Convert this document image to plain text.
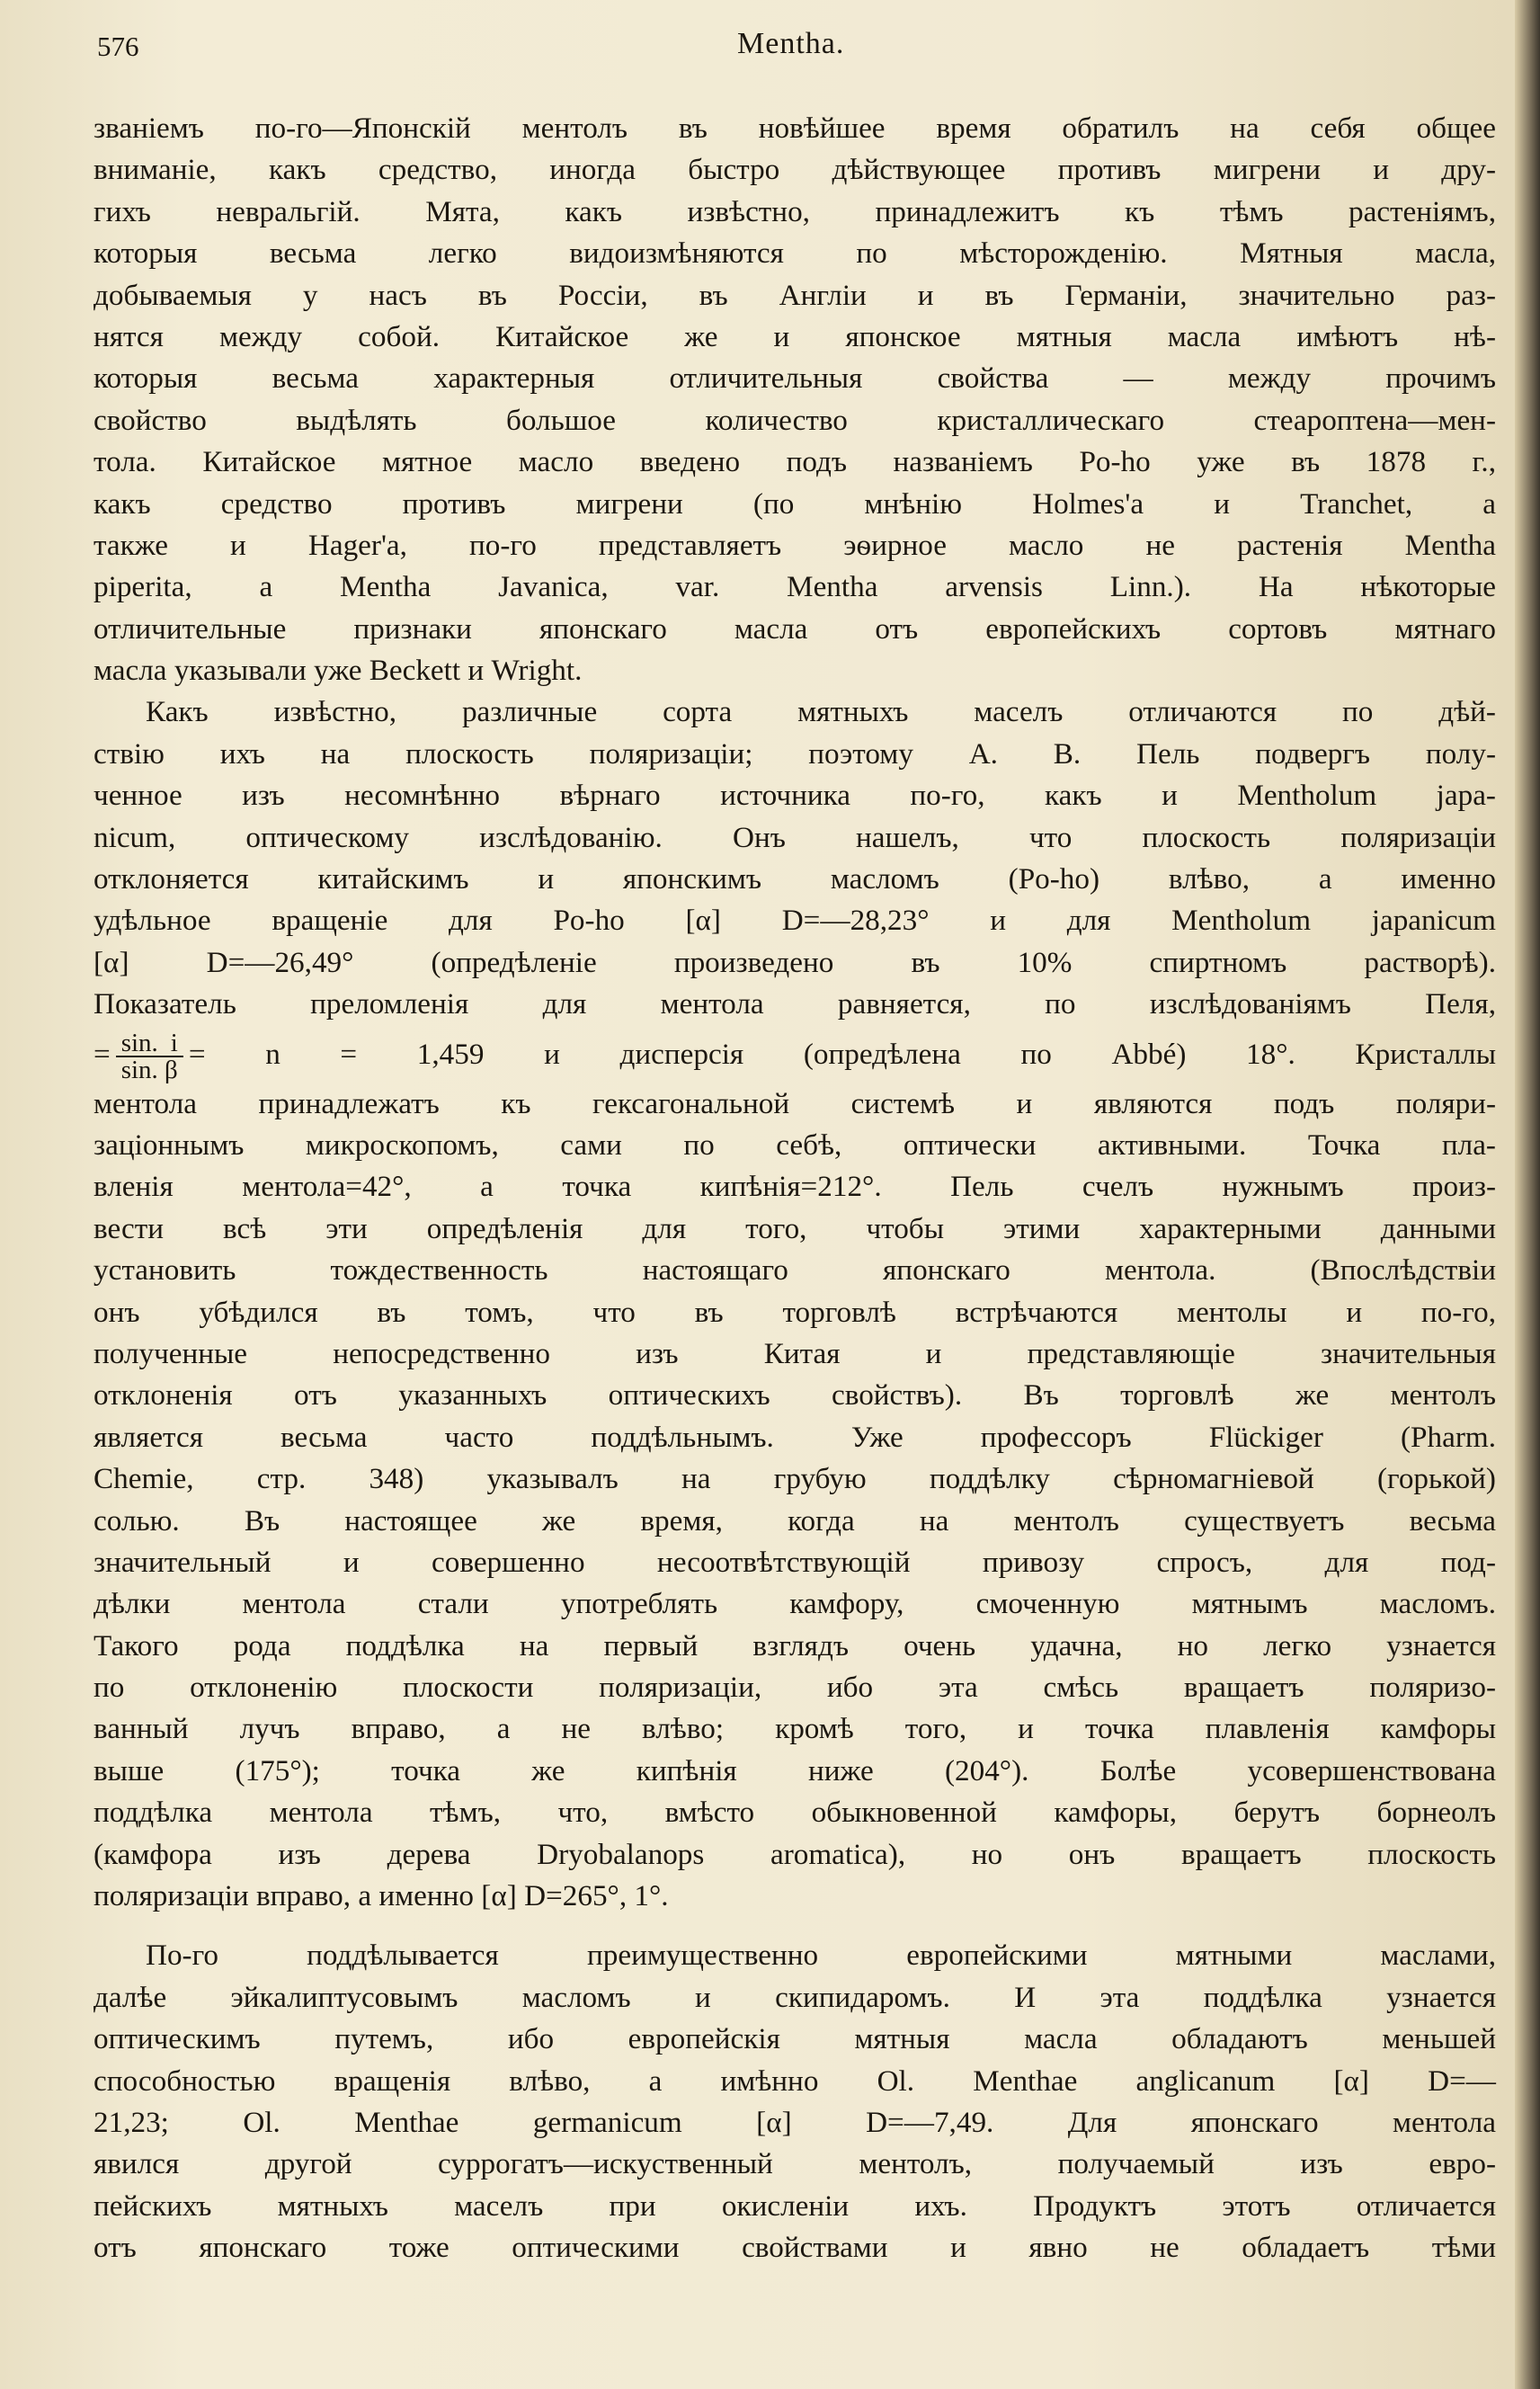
576	Mentha.
званіемъ по-го—Японскій ментолъ въ новѣйшее время обратилъ на себя общее
вниманіе, какъ средство, иногда быстро дѣйствующее противъ мигрени и дру-
гихъ невральгій. Мята, какъ извѣстно, принадлежитъ къ тѣмъ растеніямъ,
которыя весьма легко видоизмѣняются по мѣсторожденію. Мятныя масла,
добываемыя у насъ въ Россіи, въ Англіи и въ Германіи, значительно раз-
нятся между собой. Китайское же и японское мятныя масла имѣютъ нѣ-
которыя весьма характерныя отличительныя свойства — между прочимъ
свойство выдѣлять большое количество кристаллическаго стеароптена—мен-
тола. Китайское мятное масло введено подъ названіемъ Po-ho уже въ 1878 г.,
какъ средство противъ мигрени (по мнѣнію Holmes'а и Tranchet, а
также и Hager'а, по-го представляетъ эѳирное масло не растенія Mentha
piperita, a Mentha Javanica, var. Mentha arvensis Linn.). На нѣкоторые
отличительные признаки японскаго масла отъ европейскихъ сортовъ мятнаго
масла указывали уже Beckett и Wright.
Какъ извѣстно, различные сорта мятныхъ маселъ отличаются по дѣй-
ствію ихъ на плоскость поляризаціи; поэтому А. В. Пель подвергъ полу-
ченное изъ несомнѣнно вѣрнаго источника по-го, какъ и Mentholum japa-
nicum, оптическому изслѣдованію. Онъ нашелъ, что плоскость поляризаціи
отклоняется китайскимъ и японскимъ масломъ (Po-ho) влѣво, а именно
удѣльное вращеніе для Po-ho [α] D=—28,23° и для Mentholum japanicum
[α] D=—26,49° (опредѣленіе произведено въ 10% спиртномъ растворѣ).
Показатель преломленія для ментола равняется, по изслѣдованіямъ Пеля,
= $\frac{\sin. i}{\sin. \beta} = n = 1,459$ и дисперсія (опредѣлена по Abbé) 18°. Кристаллы
ментола принадлежатъ къ гексагональной системѣ и являются подъ поляри-
заціоннымъ микроскопомъ, сами по себѣ, оптически активными. Точка пла-
вленія ментола=42°, а точка кипѣнія=212°. Пель счелъ нужнымъ произ-
вести всѣ эти опредѣленія для того, чтобы этими характерными данными
установить тождественность настоящаго японскаго ментола. (Впослѣдствіи
онъ убѣдился въ томъ, что въ торговлѣ встрѣчаются ментолы и по-го,
полученные непосредственно изъ Китая и представляющіе значительныя
отклоненія отъ указанныхъ оптическихъ свойствъ). Въ торговлѣ же ментолъ
является весьма часто поддѣльнымъ. Уже профессоръ Flückiger (Pharm.
Chemie, стр. 348) указывалъ на грубую поддѣлку сѣрномагніевой (горькой)
солью. Въ настоящее же время, когда на ментолъ существуетъ весьма
значительный и совершенно несоотвѣтствующій привозу спросъ, для под-
дѣлки ментола стали употреблять камфору, смоченную мятнымъ масломъ.
Такого рода поддѣлка на первый взглядъ очень удачна, но легко узнается
по отклоненію плоскости поляризаціи, ибо эта смѣсь вращаетъ поляризо-
ванный лучъ вправо, а не влѣво; кромѣ того, и точка плавленія камфоры
выше (175°); точка же кипѣнія ниже (204°). Болѣе усовершенствована
поддѣлка ментола тѣмъ, что, вмѣсто обыкновенной камфоры, берутъ борнеолъ
(камфора изъ дерева Dryobalanops aromatica), но онъ вращаетъ плоскость
поляризаціи вправо, а именно [α] D=265°, 1°.
По-го поддѣлывается преимущественно европейскими мятными маслами,
далѣе эйкалиптусовымъ масломъ и скипидаромъ. И эта поддѣлка узнается
оптическимъ путемъ, ибо европейскія мятныя масла обладаютъ меньшей
способностью вращенія влѣво, а имѣнно Ol. Menthae anglicanum [α] D=—
21,23; Ol. Menthae germanicum [α] D=—7,49. Для японскаго ментола
явился другой суррогатъ—искуственный ментолъ, получаемый изъ евро-
пейскихъ мятныхъ маселъ при окисленіи ихъ. Продуктъ этотъ отличается
отъ японскаго тоже оптическими свойствами и явно не обладаетъ тѣми
